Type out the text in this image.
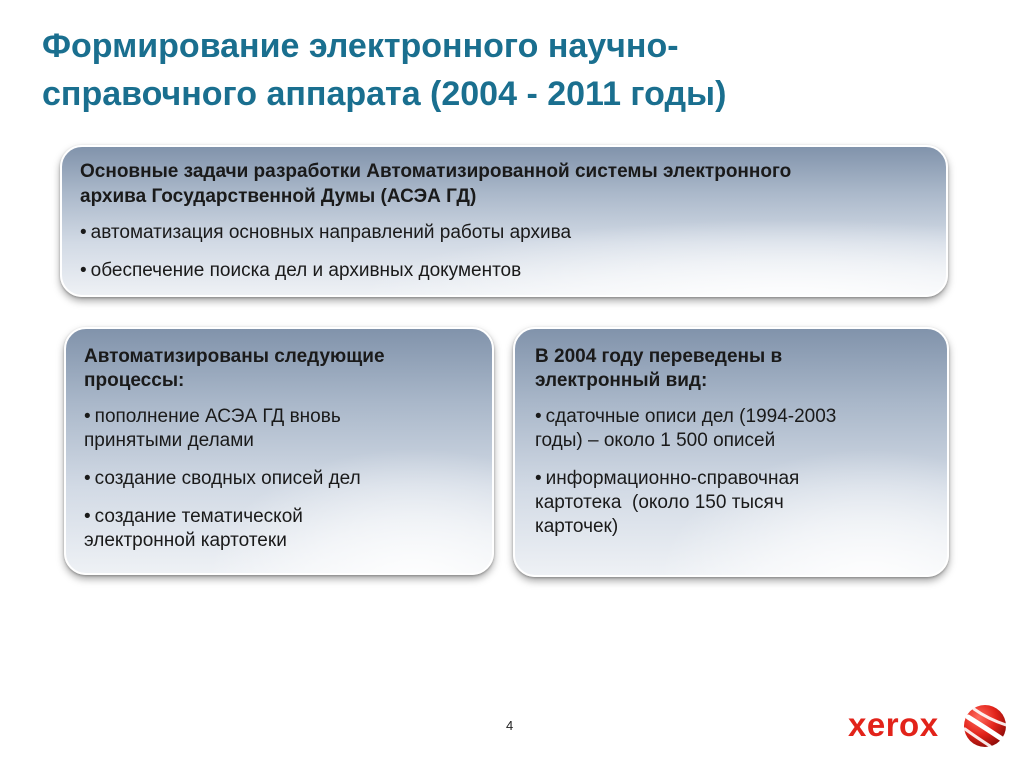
Формирование электронного научно-
справочного аппарата (2004 - 2011 годы)
Основные задачи разработки Автоматизированной системы электронного
архива Государственной Думы (АСЭА ГД)
• автоматизация основных направлений работы архива
• обеспечение поиска дел и архивных документов
Автоматизированы следующие
процессы:
• пополнение АСЭА ГД вновь
принятыми делами
• создание сводных описей дел
• создание тематической
электронной картотеки
В 2004 году переведены в
электронный вид:
• сдаточные описи дел (1994-2003
годы) – около 1 500 описей
• информационно-справочная
картотека  (около 150 тысяч
карточек)
4	xerox
